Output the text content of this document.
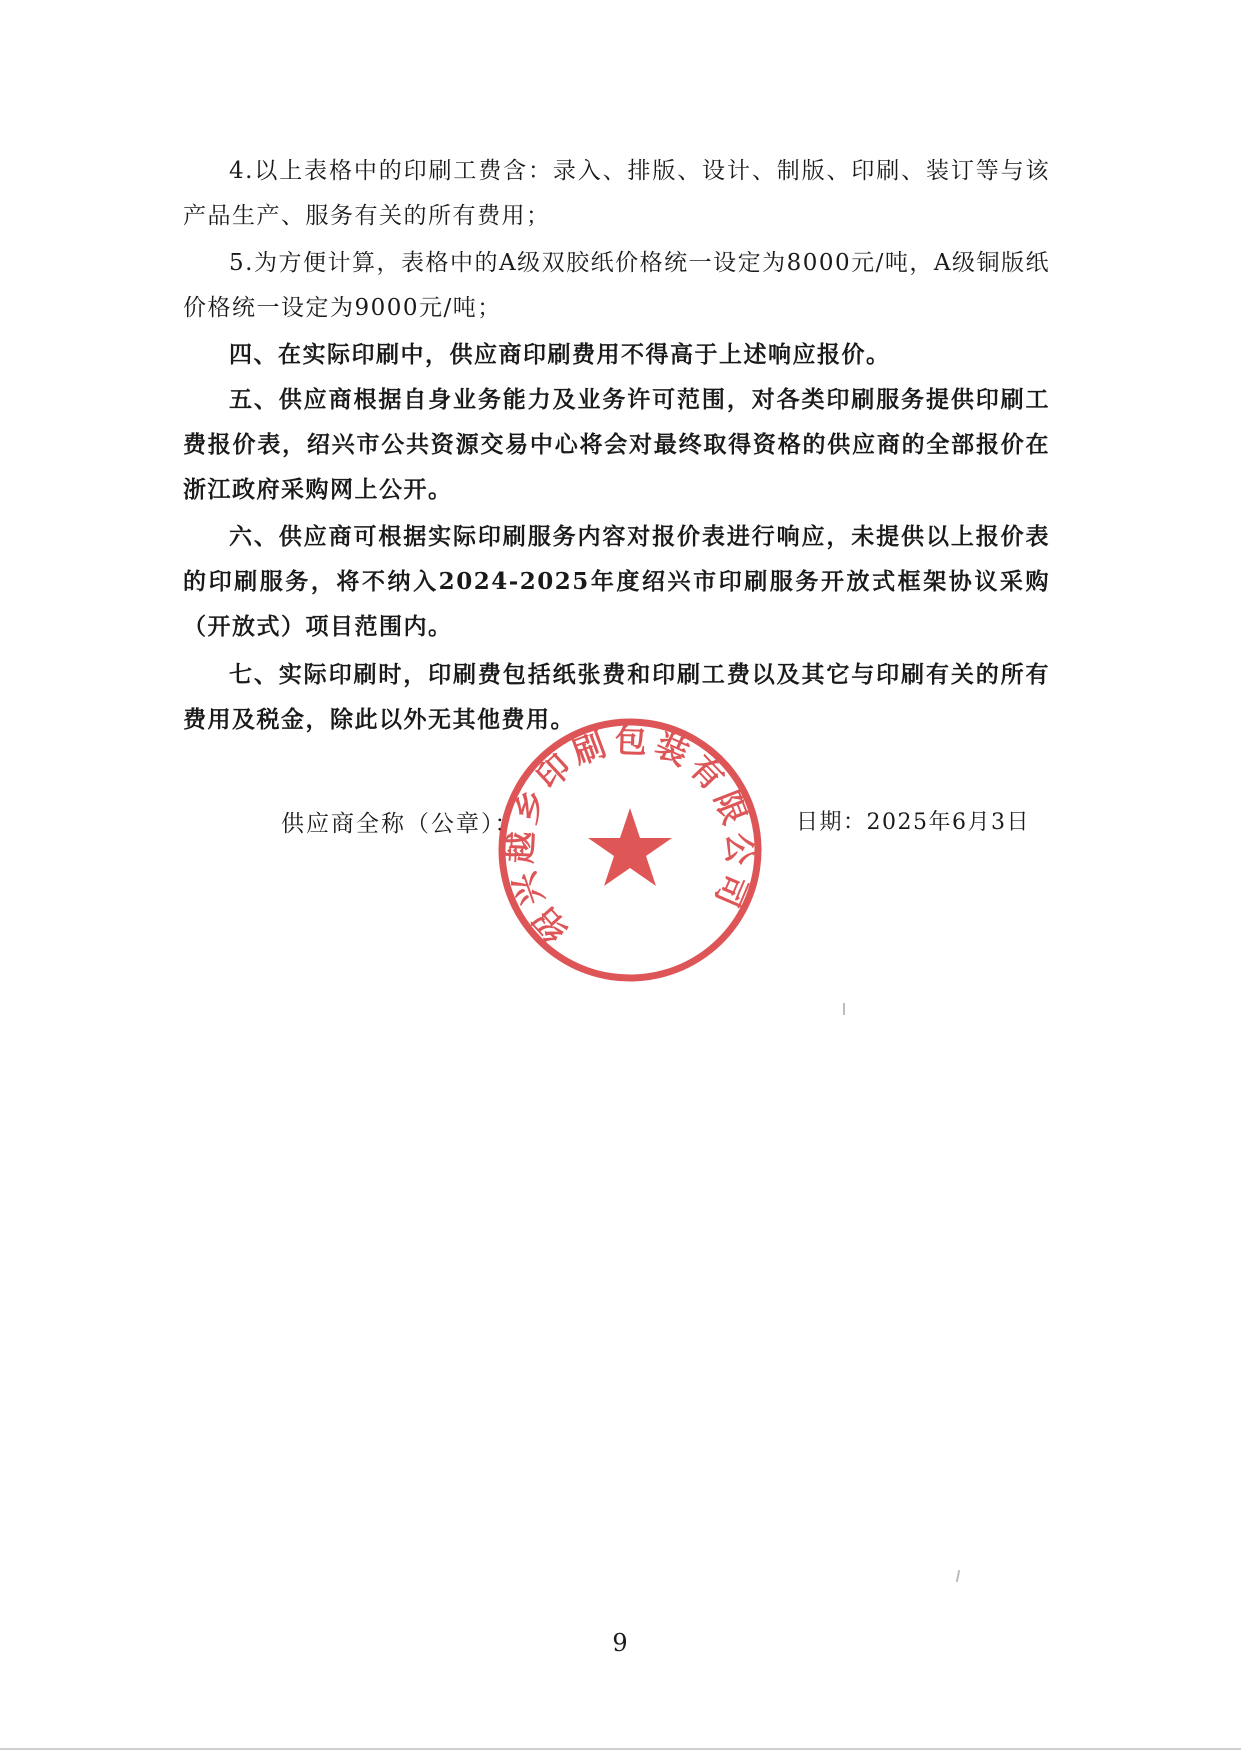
4.以上表格中的印刷工费含：录入、排版、设计、制版、印刷、装订等与该产品生产、服务有关的所有费用；

5.为方便计算，表格中的A级双胶纸价格统一设定为8000元/吨，A级铜版纸价格统一设定为9000元/吨；

四、在实际印刷中，供应商印刷费用不得高于上述响应报价。

五、供应商根据自身业务能力及业务许可范围，对各类印刷服务提供印刷工费报价表，绍兴市公共资源交易中心将会对最终取得资格的供应商的全部报价在浙江政府采购网上公开。

六、供应商可根据实际印刷服务内容对报价表进行响应，未提供以上报价表的印刷服务，将不纳入2024-2025年度绍兴市印刷服务开放式框架协议采购（开放式）项目范围内。

七、实际印刷时，印刷费包括纸张费和印刷工费以及其它与印刷有关的所有费用及税金，除此以外无其他费用。

供应商全称（公章）：	日期：2025年6月3日
绍兴越乡印刷包装有限公司
9
